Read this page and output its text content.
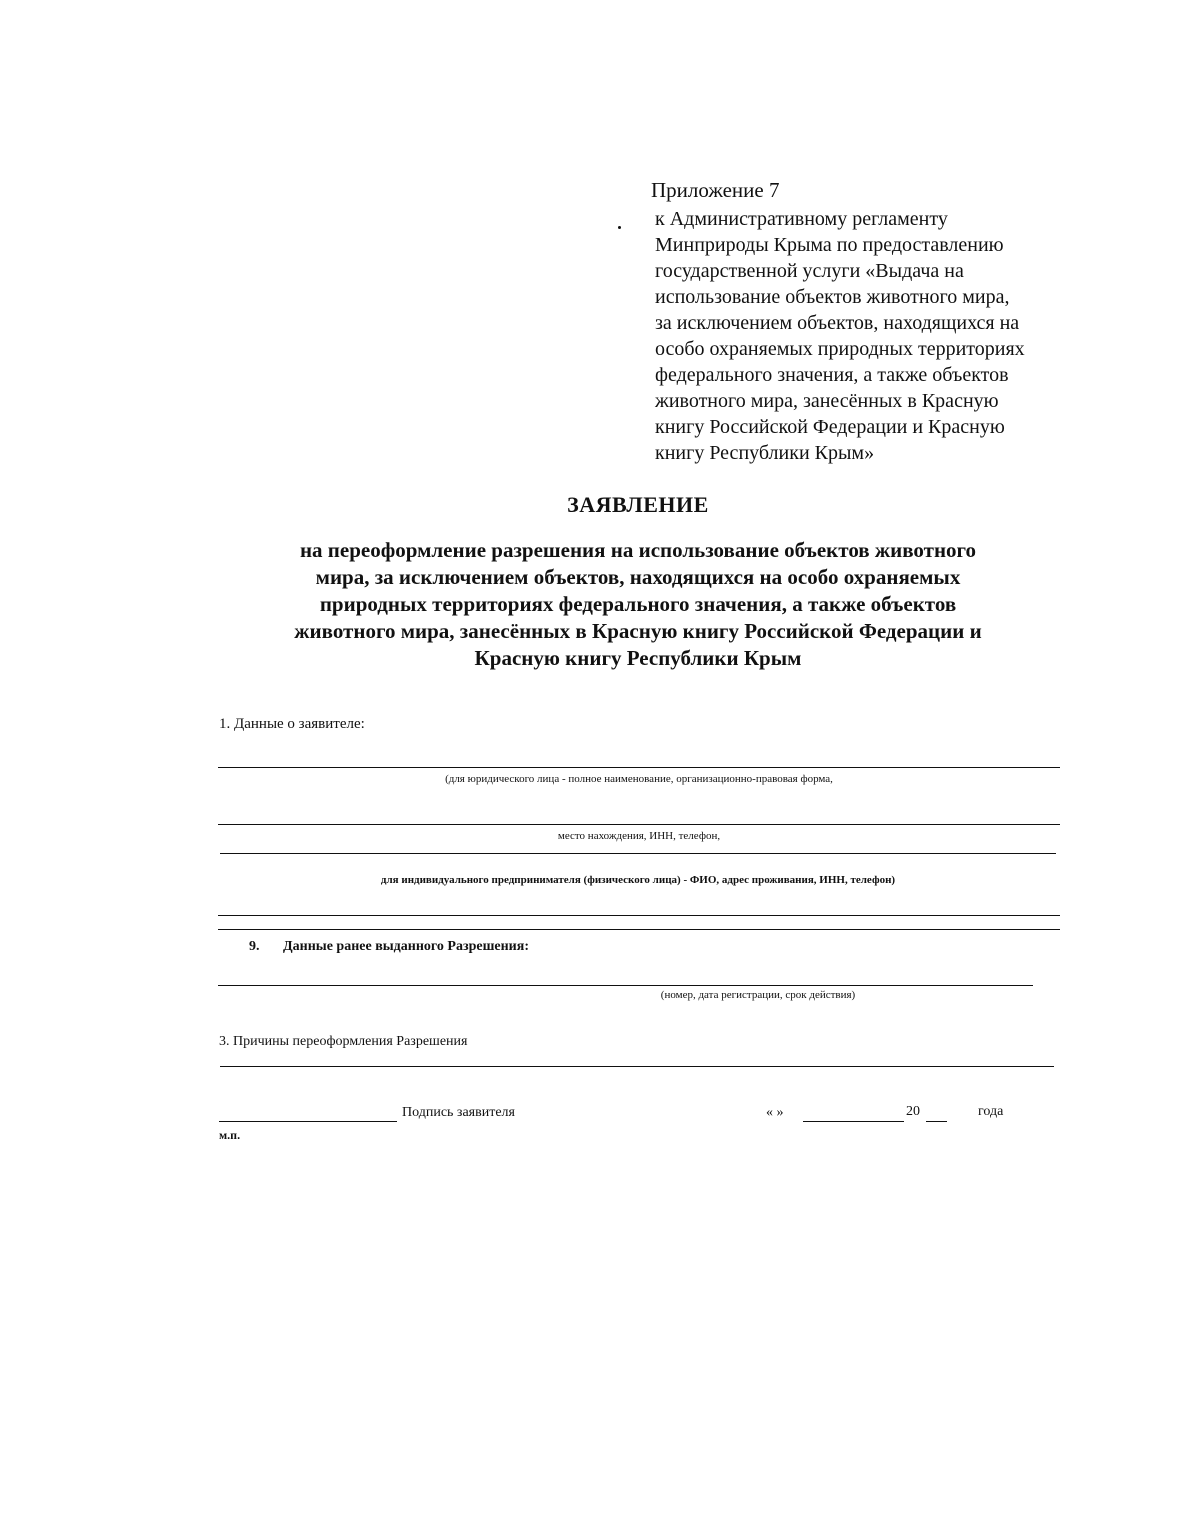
Приложение 7
к Административному регламенту
Минприроды Крыма по предоставлению
государственной услуги «Выдача на
использование объектов животного мира,
за исключением объектов, находящихся на
особо охраняемых природных территориях
федерального значения, а также объектов
животного мира, занесённых в Красную
книгу Российской Федерации и Красную
книгу Республики Крым»
ЗАЯВЛЕНИЕ
на переоформление разрешения на использование объектов животного
мира, за исключением объектов, находящихся на особо охраняемых
природных территориях федерального значения, а также объектов
животного мира, занесённых в Красную книгу Российской Федерации и
Красную книгу Республики Крым
1. Данные о заявителе:
(для юридического лица - полное наименование, организационно-правовая форма,
место нахождения, ИНН, телефон,
для индивидуального предпринимателя (физического лица) - ФИО, адрес проживания, ИНН, телефон)
9. Данные ранее выданного Разрешения:
(номер, дата регистрации, срок действия)
3. Причины переоформления Разрешения
Подпись заявителя	« »	20	года
м.п.
